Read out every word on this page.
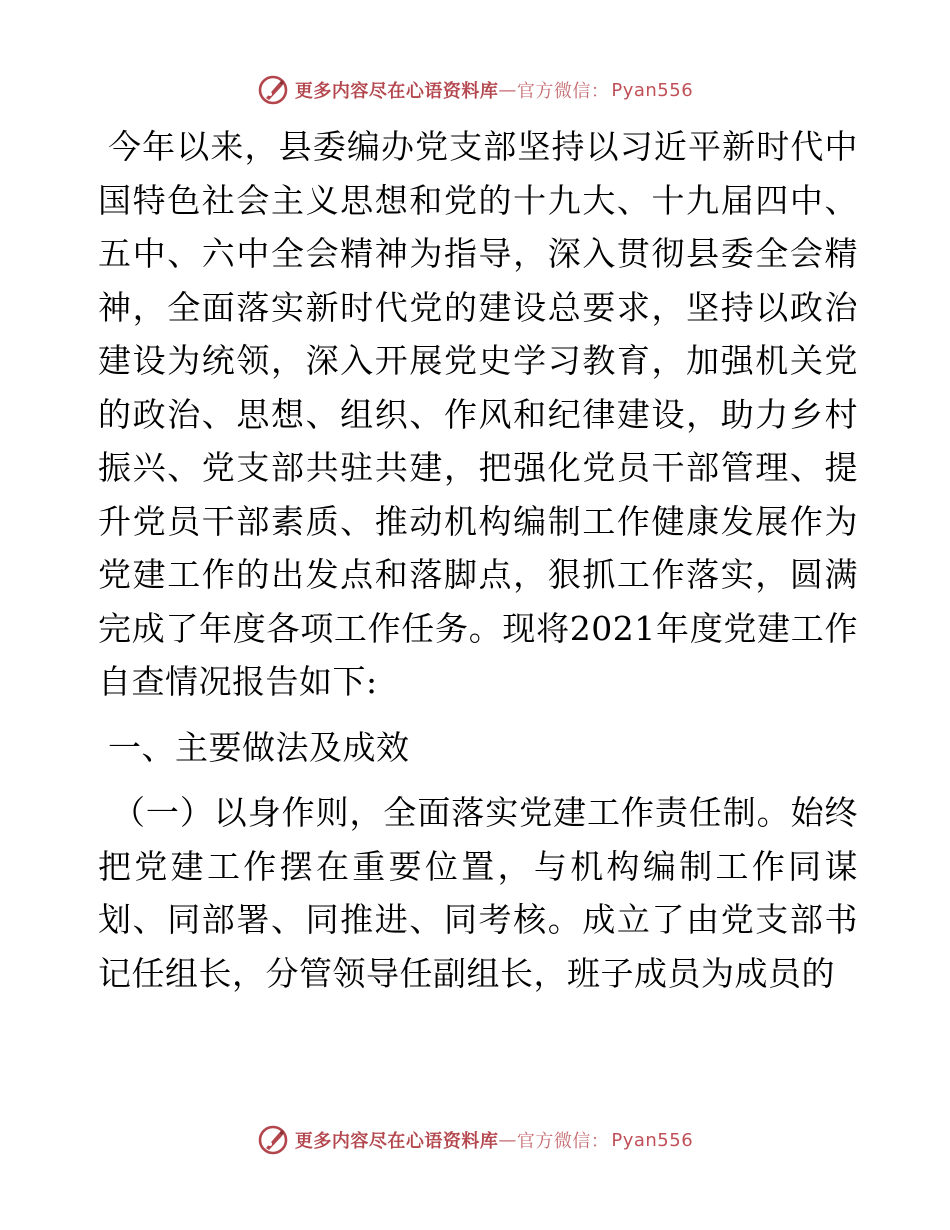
更多内容尽在心语资料库 — 官方微信： Pyan556

今年以来，县委编办党支部坚持以习近平新时代中国特色社会主义思想和党的十九大、十九届四中、五中、六中全会精神为指导，深入贯彻县委全会精神，全面落实新时代党的建设总要求，坚持以政治建设为统领，深入开展党史学习教育，加强机关党的政治、思想、组织、作风和纪律建设，助力乡村振兴、党支部共驻共建，把强化党员干部管理、提升党员干部素质、推动机构编制工作健康发展作为党建工作的出发点和落脚点，狠抓工作落实，圆满完成了年度各项工作任务。现将2021年度党建工作自查情况报告如下:

一、主要做法及成效

（一）以身作则，全面落实党建工作责任制。始终把党建工作摆在重要位置，与机构编制工作同谋划、同部署、同推进、同考核。成立了由党支部书记任组长，分管领导任副组长，班子成员为成员的

更多内容尽在心语资料库 — 官方微信： Pyan556
